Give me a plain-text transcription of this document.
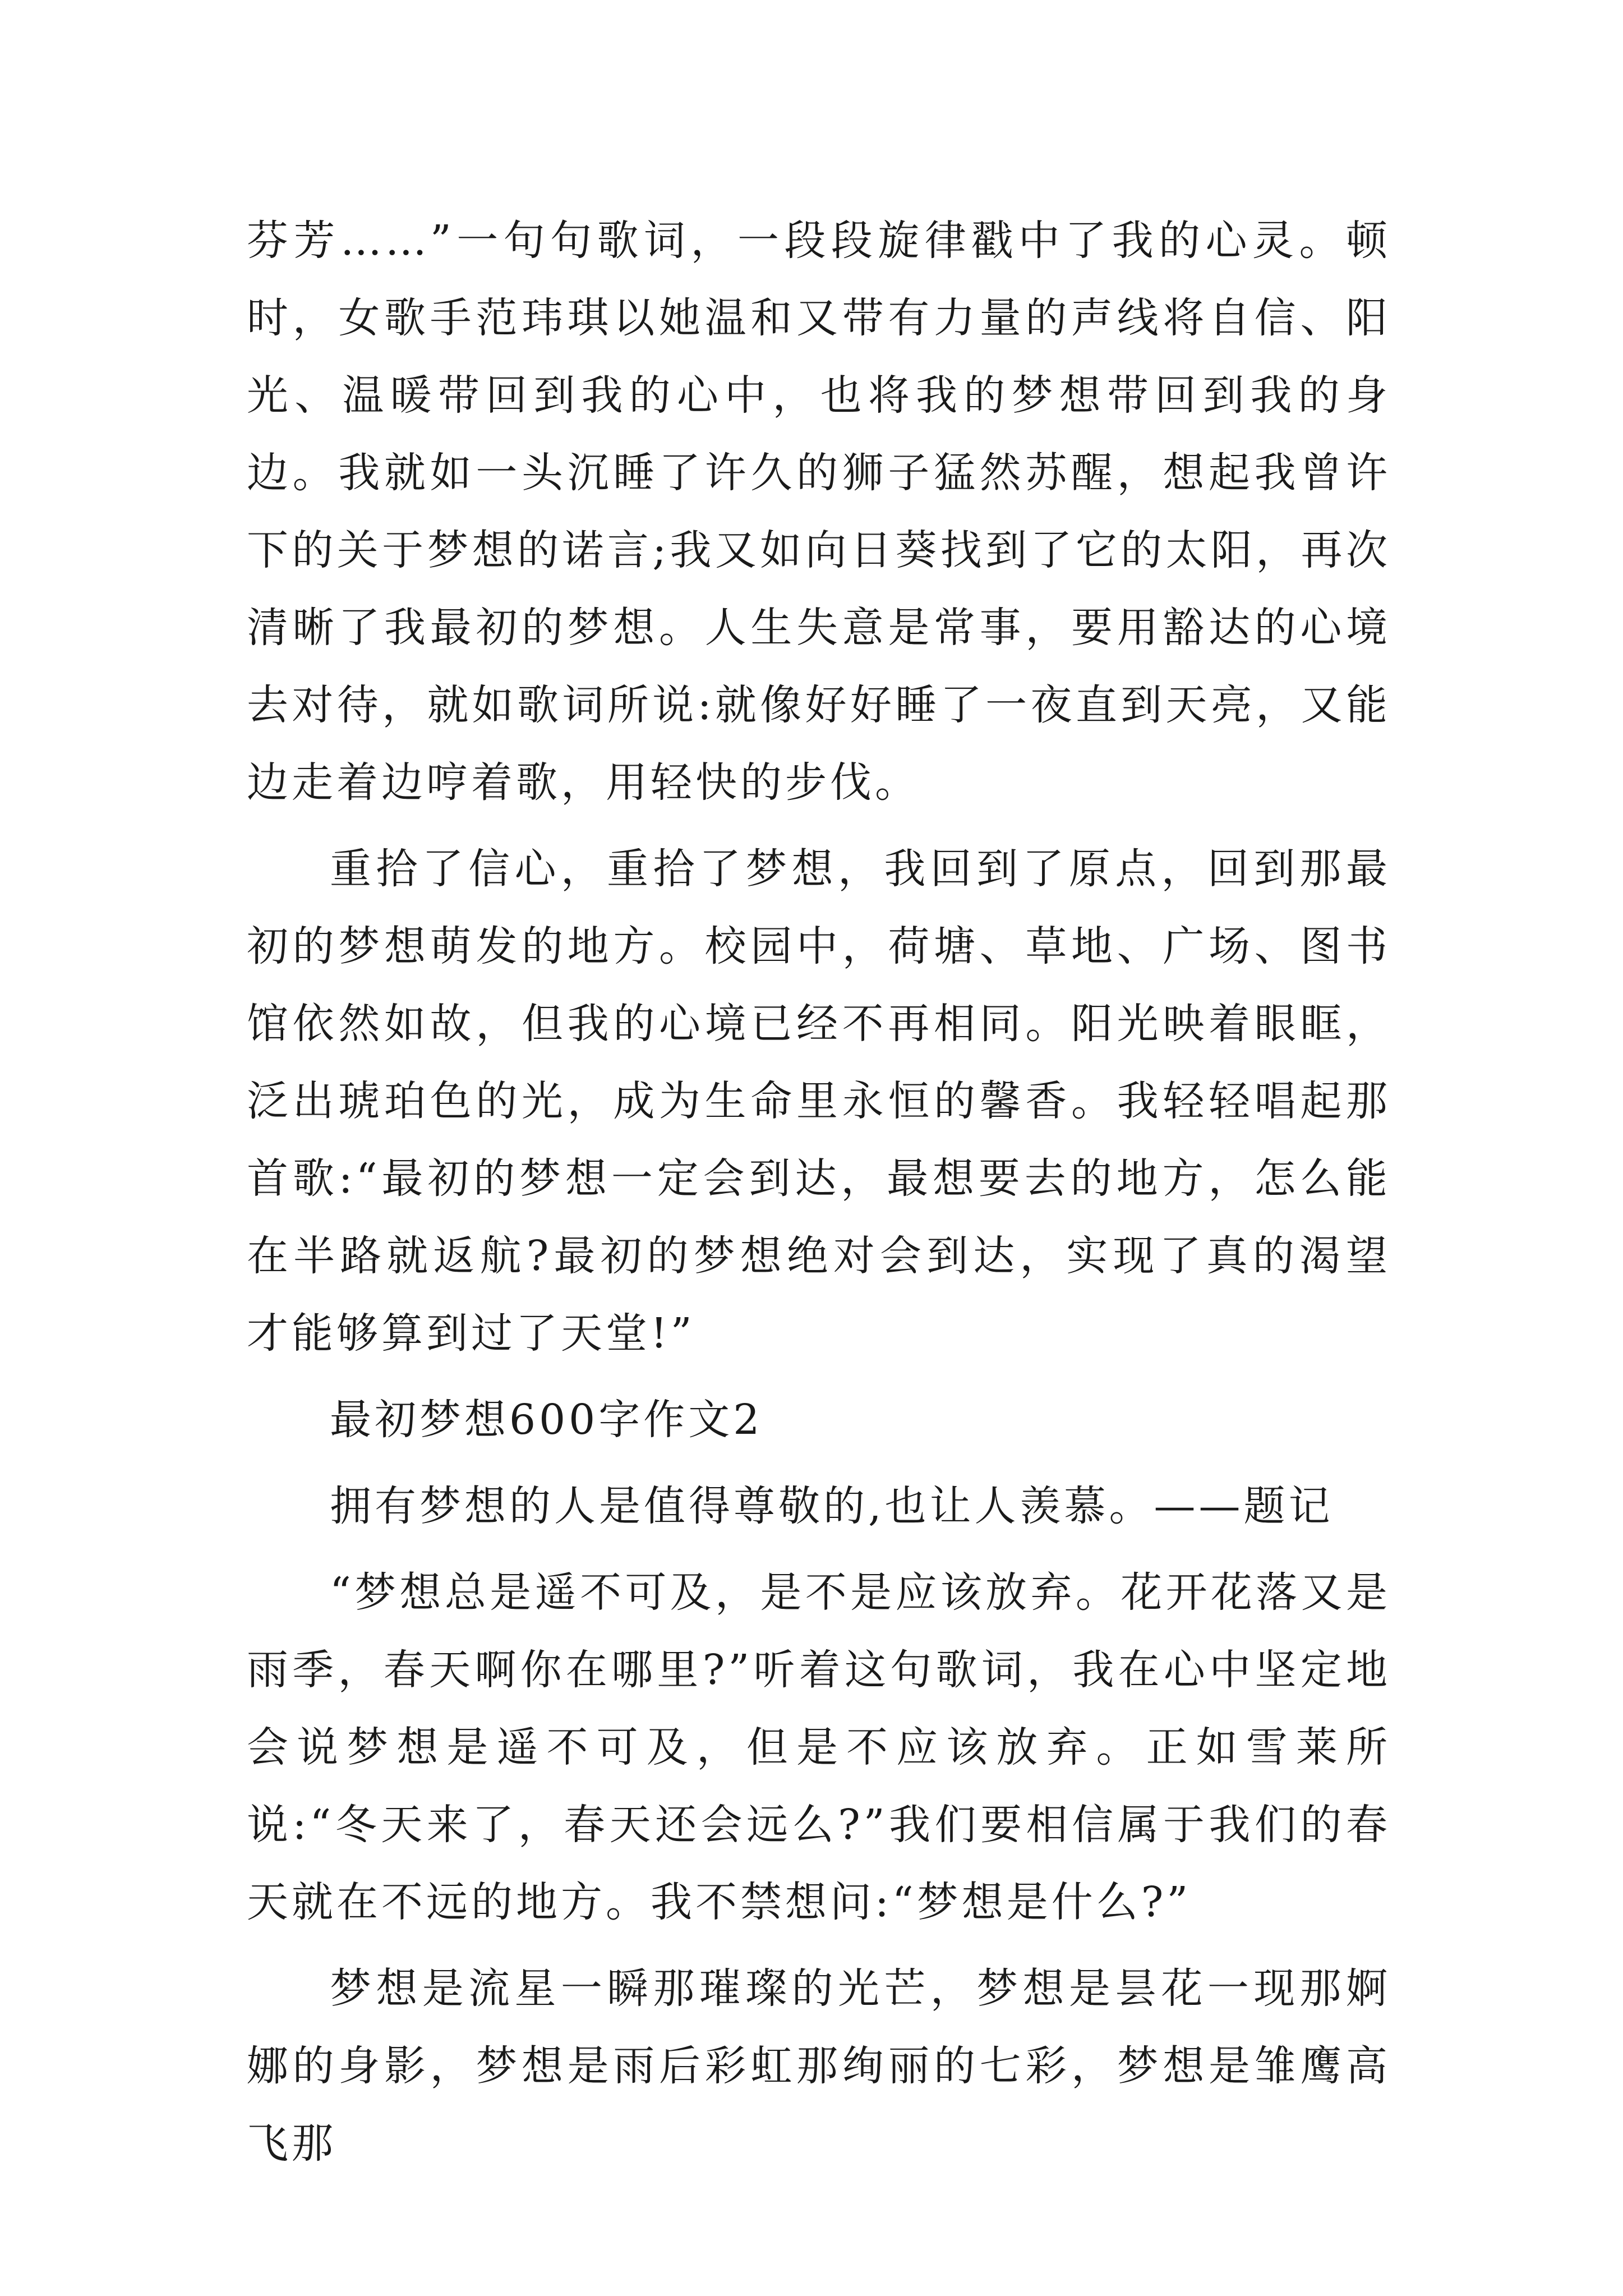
芬芳……”一句句歌词，一段段旋律戳中了我的心灵。顿时，女歌手范玮琪以她温和又带有力量的声线将自信、阳光、温暖带回到我的心中，也将我的梦想带回到我的身边。我就如一头沉睡了许久的狮子猛然苏醒，想起我曾许下的关于梦想的诺言;我又如向日葵找到了它的太阳，再次清晰了我最初的梦想。人生失意是常事，要用豁达的心境去对待，就如歌词所说:就像好好睡了一夜直到天亮，又能边走着边哼着歌，用轻快的步伐。

重拾了信心，重拾了梦想，我回到了原点，回到那最初的梦想萌发的地方。校园中，荷塘、草地、广场、图书馆依然如故，但我的心境已经不再相同。阳光映着眼眶，泛出琥珀色的光，成为生命里永恒的馨香。我轻轻唱起那首歌:“最初的梦想一定会到达，最想要去的地方，怎么能在半路就返航?最初的梦想绝对会到达，实现了真的渴望才能够算到过了天堂!”

最初梦想600字作文2

拥有梦想的人是值得尊敬的,也让人羡慕。——题记

“梦想总是遥不可及，是不是应该放弃。花开花落又是雨季，春天啊你在哪里?”听着这句歌词，我在心中坚定地会说梦想是遥不可及，但是不应该放弃。正如雪莱所说:“冬天来了，春天还会远么?”我们要相信属于我们的春天就在不远的地方。我不禁想问:“梦想是什么?”

梦想是流星一瞬那璀璨的光芒，梦想是昙花一现那婀娜的身影，梦想是雨后彩虹那绚丽的七彩，梦想是雏鹰高飞那
